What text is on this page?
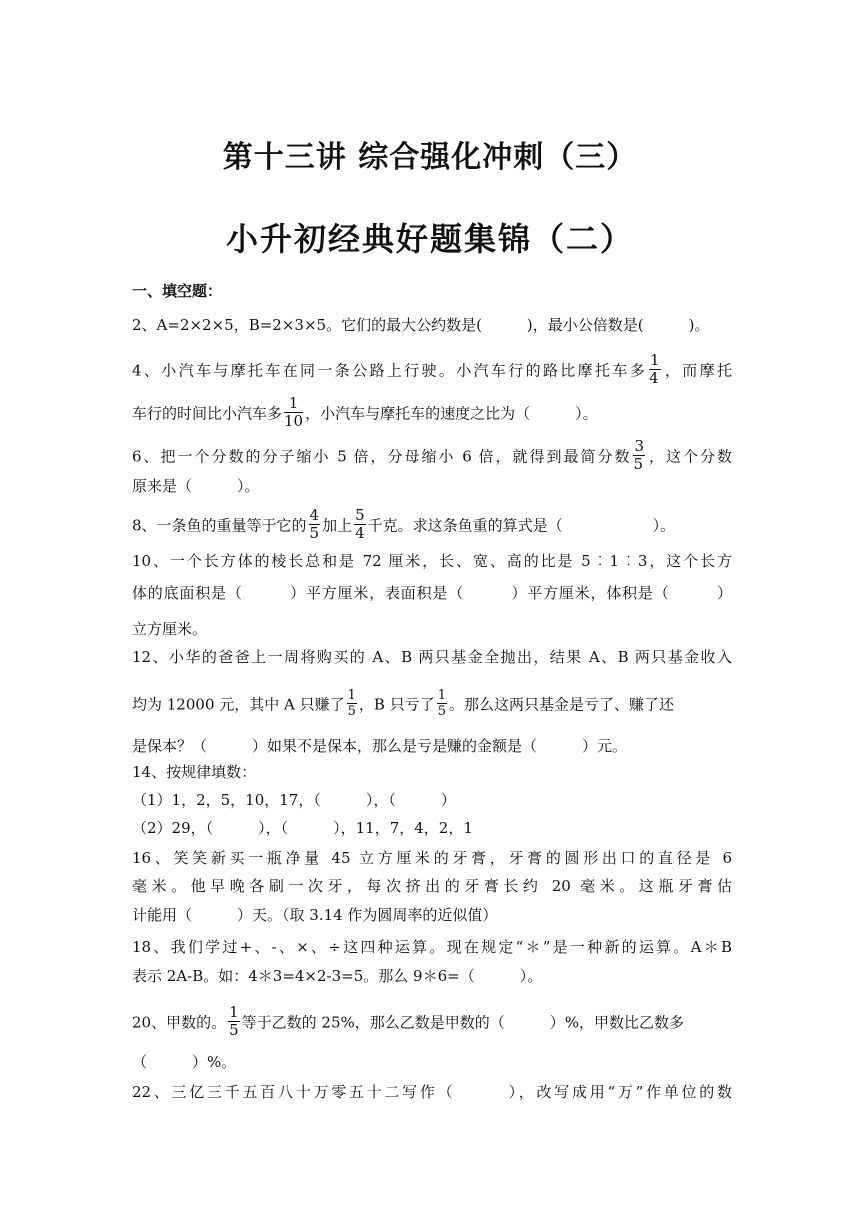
第十三讲 综合强化冲刺（三）
小升初经典好题集锦（二）
一、填空题：
2、A=2×2×5，B=2×3×5。它们的最大公约数是(　　　)，最小公倍数是(　　　)。
4、小汽车与摩托车在同一条公路上行驶。小汽车行的路比摩托车多 $\frac{1}{4}$ ，而摩托
车行的时间比小汽车多 $\frac{1}{10}$ ，小汽车与摩托车的速度之比为（　　　）。
6、把一个分数的分子缩小 5 倍，分母缩小 6 倍，就得到最简分数 $\frac{3}{5}$ ，这个分数
原来是（　　　）。
8、一条鱼的重量等于它的 $\frac{4}{5}$ 加上 $\frac{5}{4}$ 千克。求这条鱼重的算式是（　　　　　　）。
10、一个长方体的棱长总和是 72 厘米，长、宽、高的比是 5︰1︰3，这个长方
体的底面积是（　　　）平方厘米，表面积是（　　　）平方厘米，体积是（　　　）
立方厘米。
12、小华的爸爸上一周将购买的 A、B 两只基金全抛出，结果 A、B 两只基金收入
均为 12000 元，其中 A 只赚了 $\frac{1}{5}$ ，B 只亏了 $\frac{1}{5}$ 。那么这两只基金是亏了、赚了还
是保本？（　　　）如果不是保本，那么是亏是赚的金额是（　　　）元。
14、按规律填数：
（1）1，2，5，10，17，（　　　），（　　　）
（2）29，（　　　），（　　　），11，7，4，2，1
16、笑笑新买一瓶净量 45 立方厘米的牙膏，牙膏的圆形出口的直径是 6
毫米。他早晚各刷一次牙，每次挤出的牙膏长约 20 毫米。这瓶牙膏估
计能用（　　　）天。（取 3.14 作为圆周率的近似值）
18、我们学过+、-、×、÷这四种运算。现在规定“＊”是一种新的运算。A＊B
表示 2A-B。如：4＊3=4×2-3=5。那么 9＊6=（　　　）。
20、甲数的。 $\frac{1}{5}$ 等于乙数的 25%，那么乙数是甲数的（　　　）%，甲数比乙数多
（　　　）%。
22、三亿三千五百八十万零五十二写作（　　　），改写成用“万”作单位的数
